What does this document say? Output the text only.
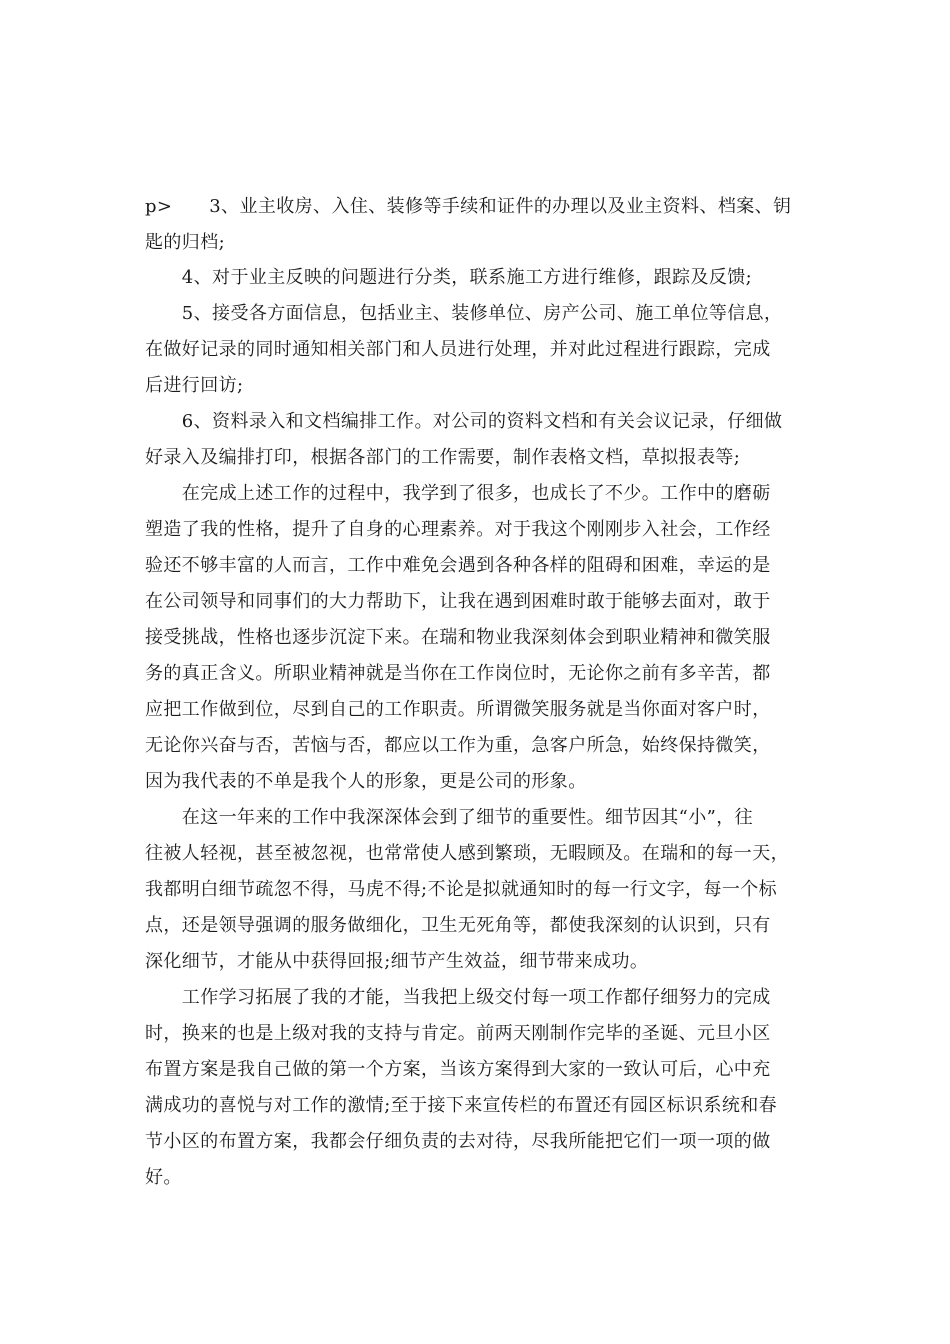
p>　　3、业主收房、入住、装修等手续和证件的办理以及业主资料、档案、钥
匙的归档;
　　4、对于业主反映的问题进行分类，联系施工方进行维修，跟踪及反馈;
　　5、接受各方面信息，包括业主、装修单位、房产公司、施工单位等信息，
在做好记录的同时通知相关部门和人员进行处理，并对此过程进行跟踪，完成
后进行回访;
　　6、资料录入和文档编排工作。对公司的资料文档和有关会议记录，仔细做
好录入及编排打印，根据各部门的工作需要，制作表格文档，草拟报表等;
　　在完成上述工作的过程中，我学到了很多，也成长了不少。工作中的磨砺
塑造了我的性格，提升了自身的心理素养。对于我这个刚刚步入社会，工作经
验还不够丰富的人而言，工作中难免会遇到各种各样的阻碍和困难，幸运的是
在公司领导和同事们的大力帮助下，让我在遇到困难时敢于能够去面对，敢于
接受挑战，性格也逐步沉淀下来。在瑞和物业我深刻体会到职业精神和微笑服
务的真正含义。所职业精神就是当你在工作岗位时，无论你之前有多辛苦，都
应把工作做到位，尽到自己的工作职责。所谓微笑服务就是当你面对客户时，
无论你兴奋与否，苦恼与否，都应以工作为重，急客户所急，始终保持微笑，
因为我代表的不单是我个人的形象，更是公司的形象。
　　在这一年来的工作中我深深体会到了细节的重要性。细节因其“小”，往
往被人轻视，甚至被忽视，也常常使人感到繁琐，无暇顾及。在瑞和的每一天，
我都明白细节疏忽不得，马虎不得;不论是拟就通知时的每一行文字，每一个标
点，还是领导强调的服务做细化，卫生无死角等，都使我深刻的认识到，只有
深化细节，才能从中获得回报;细节产生效益，细节带来成功。
　　工作学习拓展了我的才能，当我把上级交付每一项工作都仔细努力的完成
时，换来的也是上级对我的支持与肯定。前两天刚制作完毕的圣诞、元旦小区
布置方案是我自己做的第一个方案，当该方案得到大家的一致认可后，心中充
满成功的喜悦与对工作的激情;至于接下来宣传栏的布置还有园区标识系统和春
节小区的布置方案，我都会仔细负责的去对待，尽我所能把它们一项一项的做
好。
